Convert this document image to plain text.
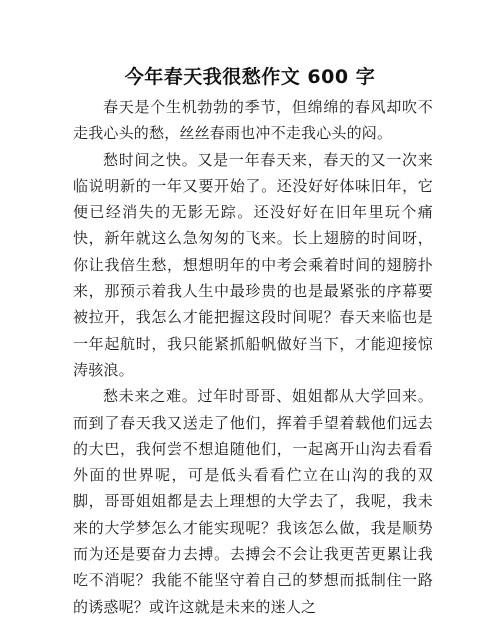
今年春天我很愁作文 600 字

春天是个生机勃勃的季节，但绵绵的春风却吹不走我心头的愁，丝丝春雨也冲不走我心头的闷。

愁时间之快。又是一年春天来，春天的又一次来临说明新的一年又要开始了。还没好好体味旧年，它便已经消失的无影无踪。还没好好在旧年里玩个痛快，新年就这么急匆匆的飞来。长上翅膀的时间呀，你让我倍生愁，想想明年的中考会乘着时间的翅膀扑来，那预示着我人生中最珍贵的也是最紧张的序幕要被拉开，我怎么才能把握这段时间呢？春天来临也是一年起航时，我只能紧抓船帆做好当下，才能迎接惊涛骇浪。

愁未来之难。过年时哥哥、姐姐都从大学回来。而到了春天我又送走了他们，挥着手望着载他们远去的大巴，我何尝不想追随他们，一起离开山沟去看看外面的世界呢，可是低头看看伫立在山沟的我的双脚，哥哥姐姐都是去上理想的大学去了，我呢，我未来的大学梦怎么才能实现呢？我该怎么做，我是顺势而为还是要奋力去搏。去搏会不会让我更苦更累让我吃不消呢？我能不能坚守着自己的梦想而抵制住一路的诱惑呢？或许这就是未来的迷人之
